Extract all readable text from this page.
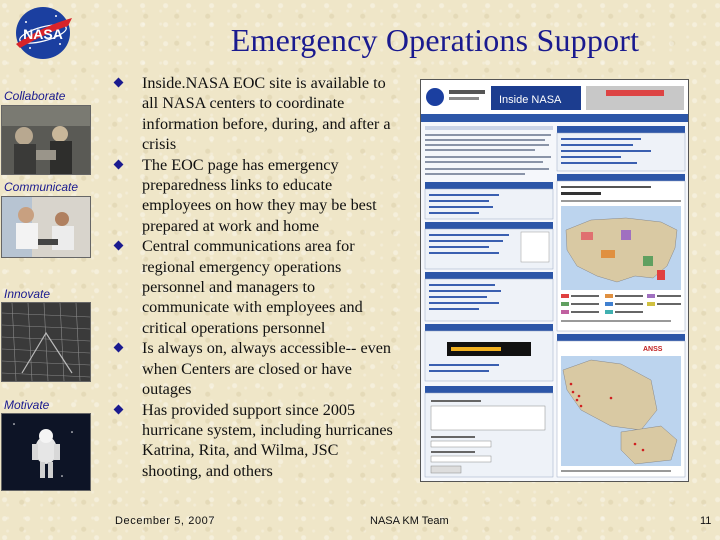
NASA	Emergency Operations Support
Collaborate
Communicate
Innovate
Motivate
Inside.NASA EOC site is available to all NASA centers to coordinate information before, during, and after a crisis
The EOC page has emergency preparedness links to educate employees on how they may be best prepared at work and home
Central communications area for regional emergency operations personnel and managers to communicate with employees and critical operations personnel
Is always on, always accessible-- even when Centers are closed or have outages
Has provided support since 2005 hurricane system, including hurricanes Katrina, Rita, and Wilma, JSC shooting, and others
Inside NASA
ANSS
December 5, 2007	NASA KM Team	11
